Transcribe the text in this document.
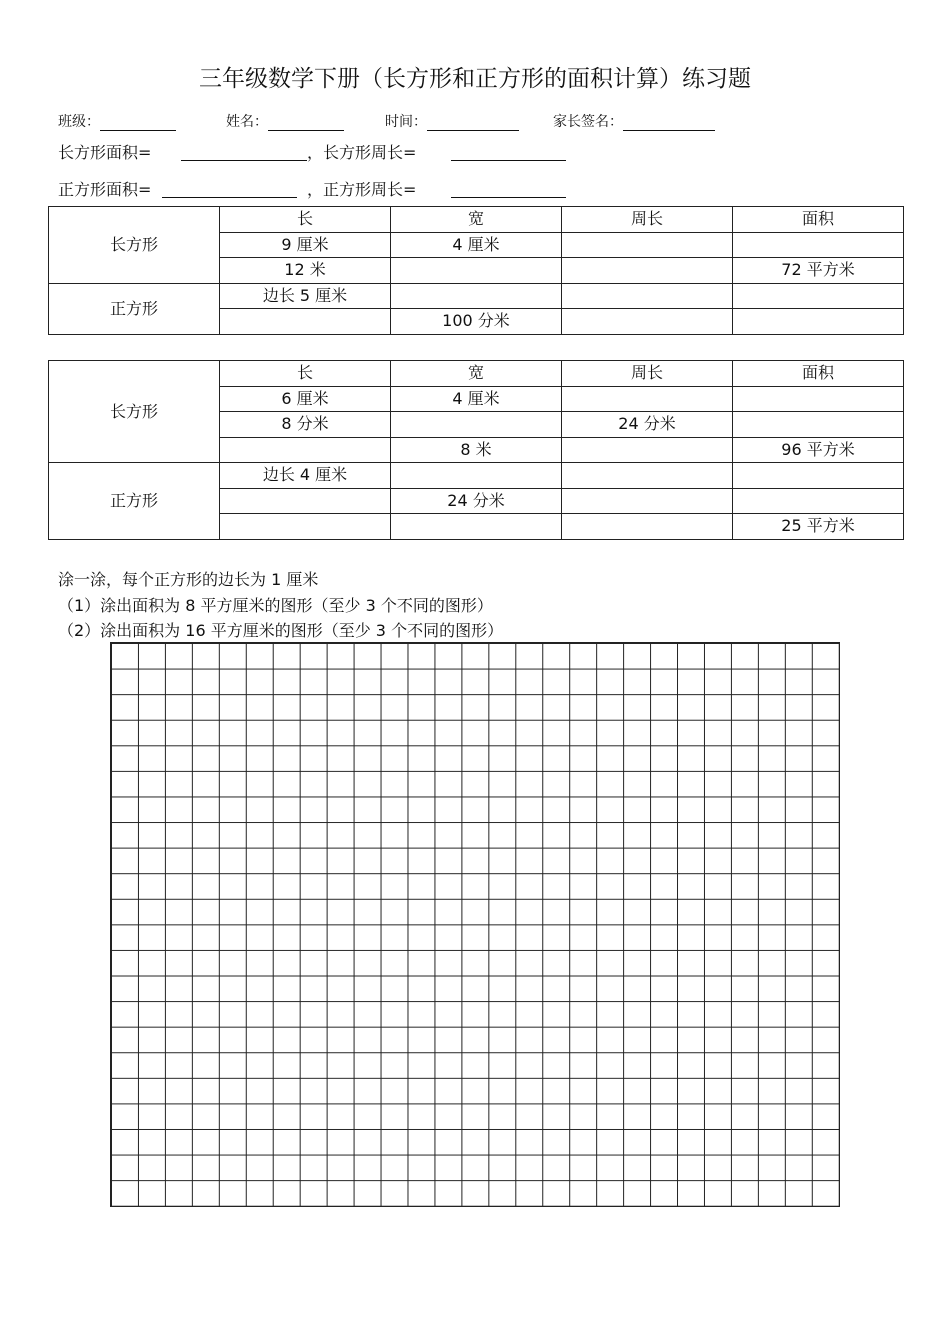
三年级数学下册（长方形和正方形的面积计算）练习题
班级：	姓名：	时间：	家长签名：
长方形面积=	，长方形周长=
正方形面积=	，正方形周长=
长方形	长	宽	周长	面积
	9 厘米	4 厘米		
	12 米			72 平方米
正方形	边长 5 厘米			
		100 分米		
长方形	长	宽	周长	面积
	6 厘米	4 厘米		
	8 分米		24 分米	
		8 米		96 平方米
正方形	边长 4 厘米			
		24 分米		
				25 平方米
涂一涂，每个正方形的边长为 1 厘米
（1）涂出面积为 8 平方厘米的图形（至少 3 个不同的图形）
（2）涂出面积为 16 平方厘米的图形（至少 3 个不同的图形）
